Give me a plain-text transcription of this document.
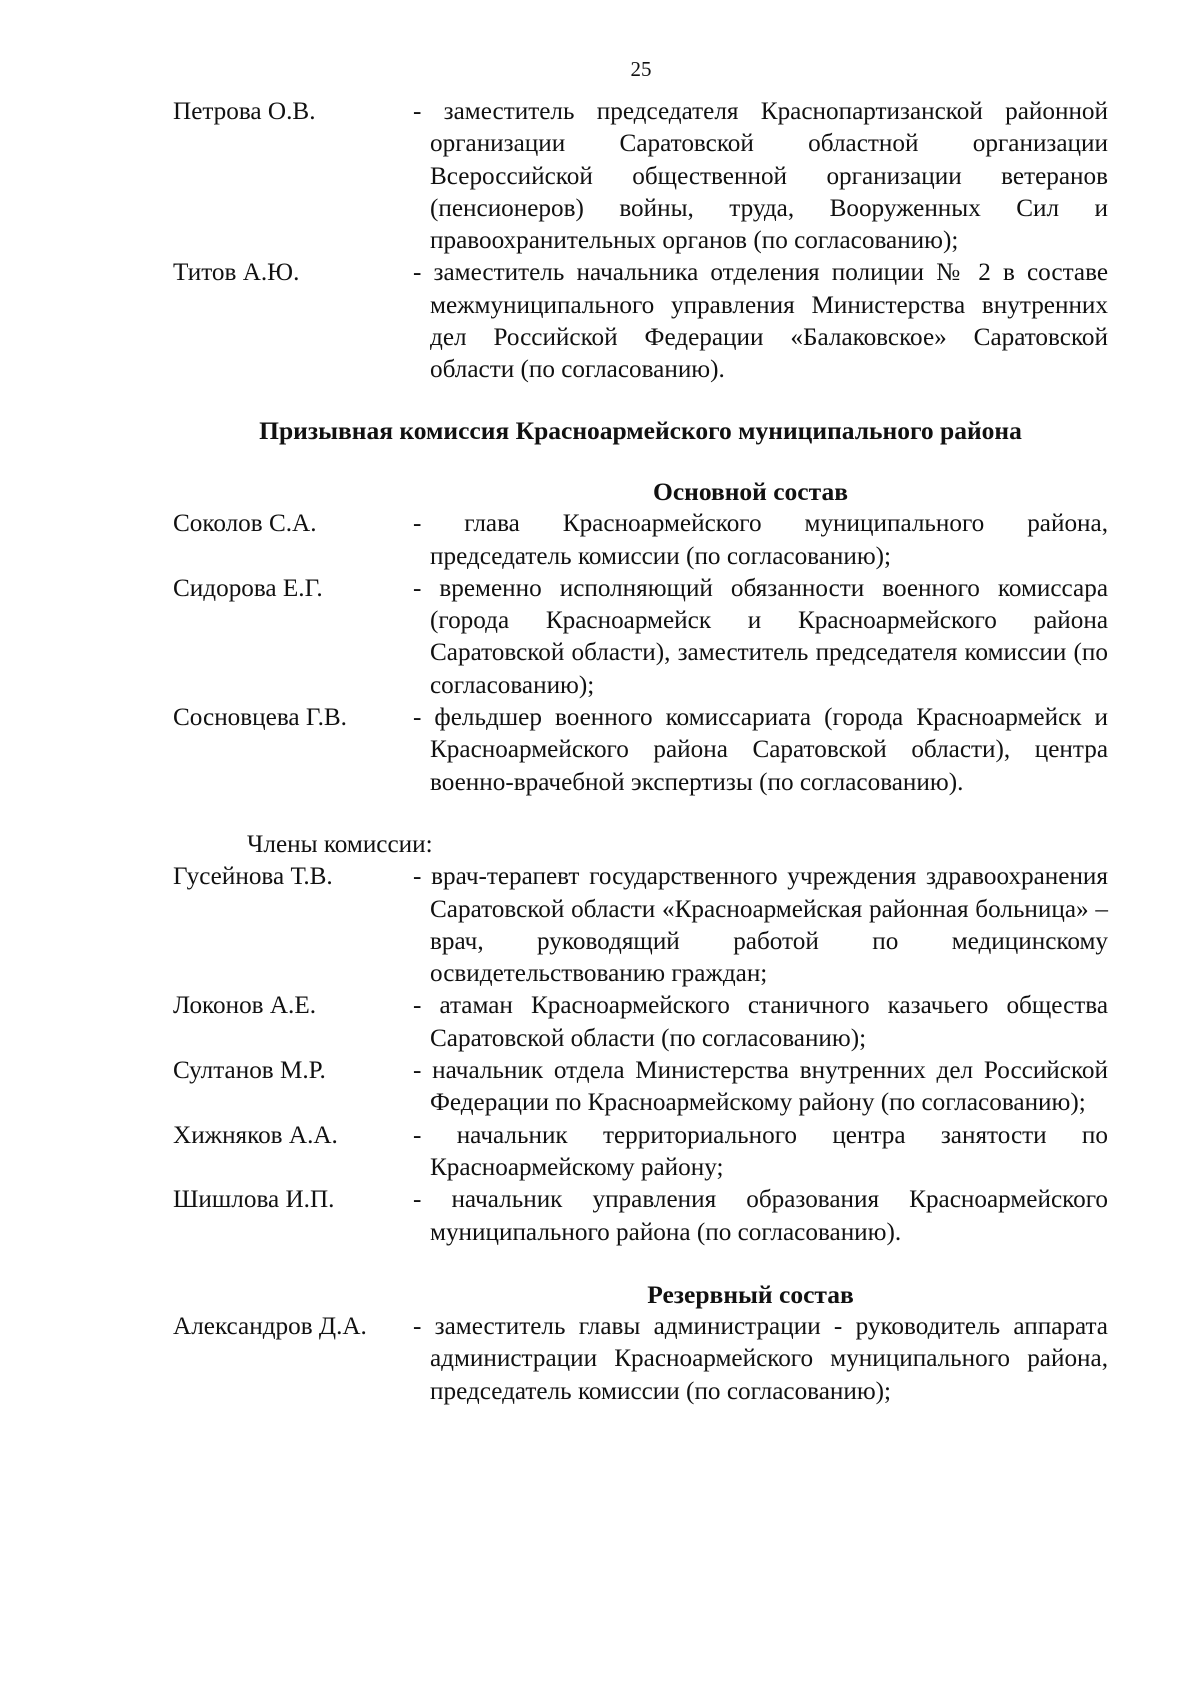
25
Петрова О.В.	- заместитель председателя Краснопартизанской районной организации Саратовской областной организации Всероссийской общественной организации ветеранов (пенсионеров) войны, труда, Вооруженных Сил и правоохранительных органов (по согласованию);
Титов А.Ю.	- заместитель начальника отделения полиции № 2 в составе межмуниципального управления Министерства внутренних дел Российской Федерации «Балаковское» Саратовской области (по согласованию).
Призывная комиссия Красноармейского муниципального района
Основной состав
Соколов С.А.	- глава Красноармейского муниципального района, председатель комиссии (по согласованию);
Сидорова Е.Г.	- временно исполняющий обязанности военного комиссара (города Красноармейск и Красноармейского района Саратовской области), заместитель председателя комиссии (по согласованию);
Сосновцева Г.В.	- фельдшер военного комиссариата (города Красноармейск и Красноармейского района Саратовской области), центра военно-врачебной экспертизы (по согласованию).
Члены комиссии:
Гусейнова Т.В.	- врач-терапевт государственного учреждения здравоохранения Саратовской области «Красноармейская районная больница» – врач, руководящий работой по медицинскому освидетельствованию граждан;
Локонов А.Е.	- атаман Красноармейского станичного казачьего общества Саратовской области (по согласованию);
Султанов М.Р.	- начальник отдела Министерства внутренних дел Российской Федерации по Красноармейскому району (по согласованию);
Хижняков А.А.	- начальник территориального центра занятости по Красноармейскому району;
Шишлова И.П.	- начальник управления образования Красноармейского муниципального района (по согласованию).
Резервный состав
Александров Д.А.	- заместитель главы администрации - руководитель аппарата администрации Красноармейского муниципального района, председатель комиссии (по согласованию);
